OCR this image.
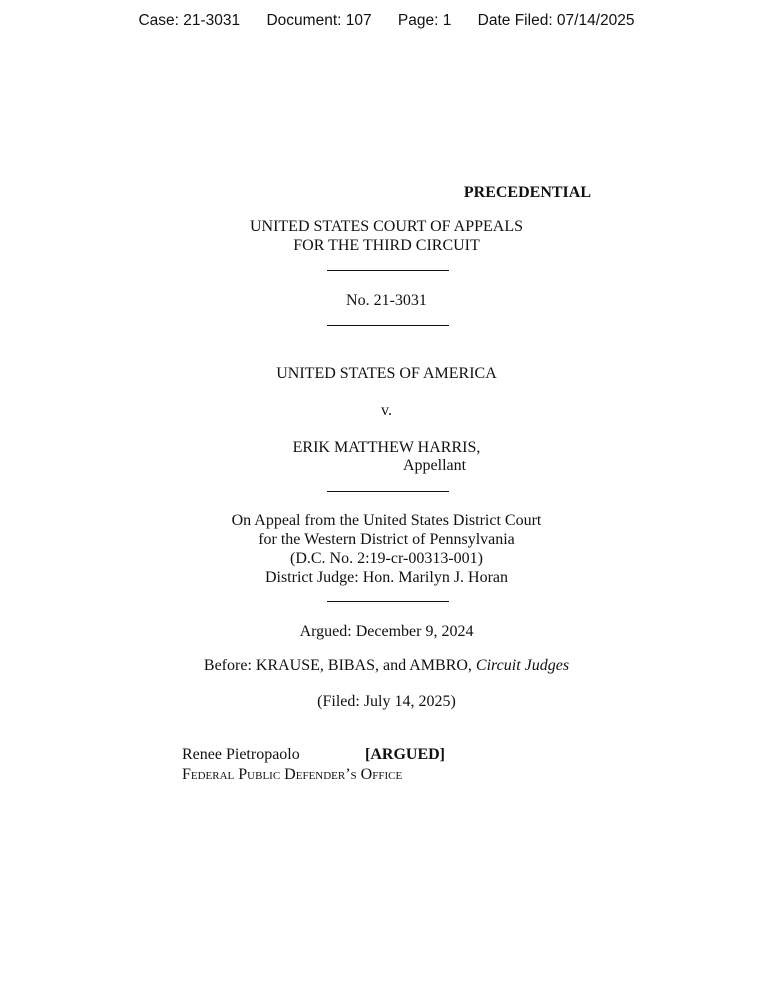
Case: 21-3031 Document: 107 Page: 1 Date Filed: 07/14/2025
PRECEDENTIAL
UNITED STATES COURT OF APPEALS
FOR THE THIRD CIRCUIT
No. 21-3031
UNITED STATES OF AMERICA
v.
ERIK MATTHEW HARRIS,
Appellant
On Appeal from the United States District Court
for the Western District of Pennsylvania
(D.C. No. 2:19-cr-00313-001)
District Judge: Hon. Marilyn J. Horan
Argued: December 9, 2024
Before: KRAUSE, BIBAS, and AMBRO, Circuit Judges
(Filed: July 14, 2025)
Renee Pietropaolo	[ARGUED]
Federal Public Defender’s Office
